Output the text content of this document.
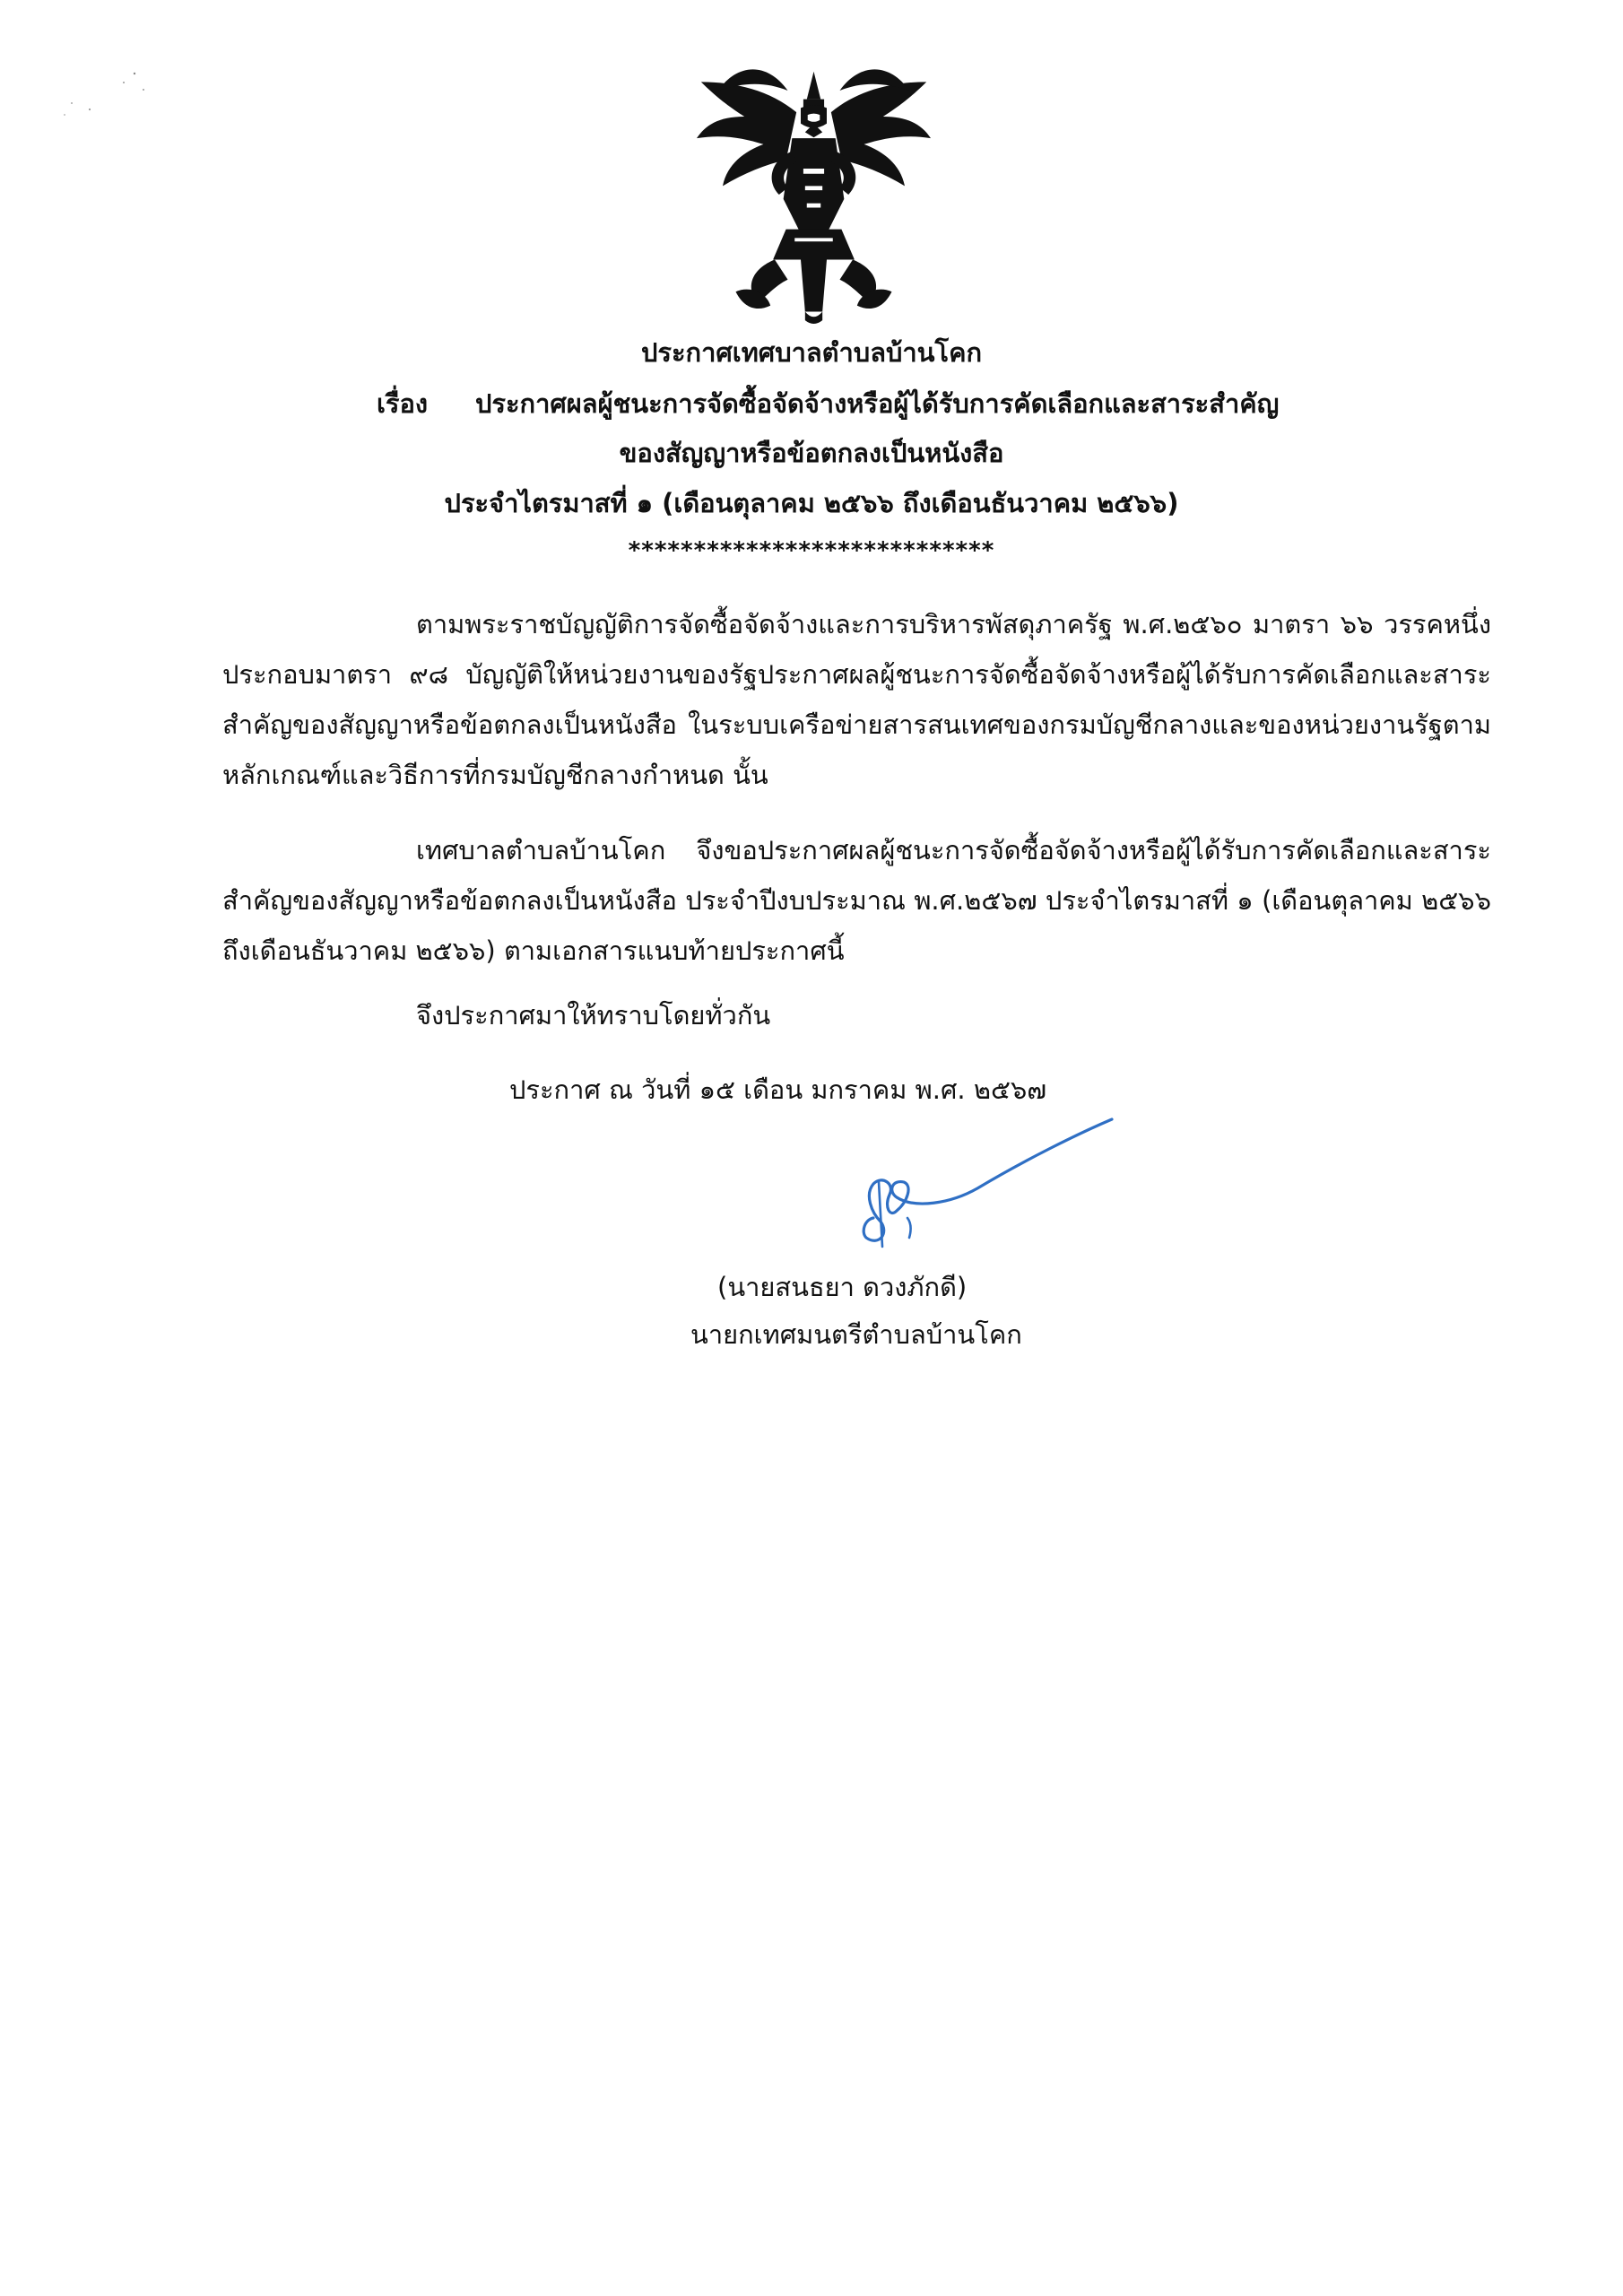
ประกาศเทศบาลตำบลบ้านโคก
เรื่อง ประกาศผลผู้ชนะการจัดซื้อจัดจ้างหรือผู้ได้รับการคัดเลือกและสาระสำคัญ
ของสัญญาหรือข้อตกลงเป็นหนังสือ
ประจำไตรมาสที่ ๑ (เดือนตุลาคม ๒๕๖๖ ถึงเดือนธันวาคม ๒๕๖๖)
****************************

ตามพระราชบัญญัติการจัดซื้อจัดจ้างและการบริหารพัสดุภาครัฐ พ.ศ.๒๕๖๐ มาตรา ๖๖ วรรคหนึ่ง ประกอบมาตรา ๙๘ บัญญัติให้หน่วยงานของรัฐประกาศผลผู้ชนะการจัดซื้อจัดจ้างหรือผู้ได้รับการคัดเลือกและสาระสำคัญของสัญญาหรือข้อตกลงเป็นหนังสือ ในระบบเครือข่ายสารสนเทศของกรมบัญชีกลางและของหน่วยงานรัฐตามหลักเกณฑ์และวิธีการที่กรมบัญชีกลางกำหนด นั้น

เทศบาลตำบลบ้านโคก จึงขอประกาศผลผู้ชนะการจัดซื้อจัดจ้างหรือผู้ได้รับการคัดเลือกและสาระสำคัญของสัญญาหรือข้อตกลงเป็นหนังสือ ประจำปีงบประมาณ พ.ศ.๒๕๖๗ ประจำไตรมาสที่ ๑ (เดือนตุลาคม ๒๕๖๖ ถึงเดือนธันวาคม ๒๕๖๖) ตามเอกสารแนบท้ายประกาศนี้

จึงประกาศมาให้ทราบโดยทั่วกัน
ประกาศ ณ วันที่ ๑๕ เดือน มกราคม พ.ศ. ๒๕๖๗
(นายสนธยา ดวงภักดี)
นายกเทศมนตรีตำบลบ้านโคก
